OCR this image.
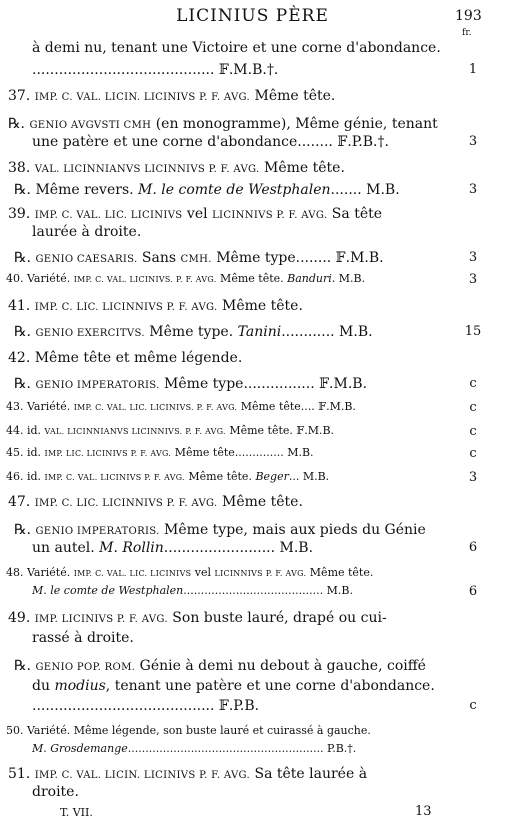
LICINIUS PÈRE	193
fr.
à demi nu, tenant une Victoire et une corne d'abondance.
......................................... 𝔽.M.B.†.	1
37. IMP. C. VAL. LICIN. LICINIVS P. F. AVG. Même tête.
℞. GENIO AVGVSTI CMH (en monogramme), Même génie, tenant
une patère et une corne d'abondance........ 𝔽.P.B.†.	3
38. VAL. LICINNIANVS LICINNIVS P. F. AVG. Même tête.
℞. Même revers. M. le comte de Westphalen....... M.B.	3
39. IMP. C. VAL. LIC. LICINIVS vel LICINNIVS P. F. AVG. Sa tête
laurée à droite.
℞. GENIO CAESARIS. Sans CMH. Même type........ 𝔽.M.B.	3
40. Variété. IMP. C. VAL. LICINIVS. P. F. AVG. Même tête. Banduri. M.B.	3
41. IMP. C. LIC. LICINNIVS P. F. AVG. Même tête.
℞. GENIO EXERCITVS. Même type. Tanini............ M.B.	15
42. Même tête et même légende.
℞. GENIO IMPERATORIS. Même type................ 𝔽.M.B.	c
43. Variété. IMP. C. VAL. LIC. LICINIVS. P. F. AVG. Même tête.... 𝔽.M.B.	c
44. id. VAL. LICINNIANVS LICINNIVS. P. F. AVG. Même tête. 𝔽.M.B.	c
45. id. IMP. LIC. LICINIVS P. F. AVG. Même tête.............. M.B.	c
46. id. IMP. C. VAL. LICINIVS P. F. AVG. Même tête. Beger... M.B.	3
47. IMP. C. LIC. LICINNIVS P. F. AVG. Même tête.
℞. GENIO IMPERATORIS. Même type, mais aux pieds du Génie
un autel. M. Rollin......................... M.B.	6
48. Variété. IMP. C. VAL. LIC. LICINIVS vel LICINNIVS P. F. AVG. Même tête.
M. le comte de Westphalen........................................ M.B.	6
49. IMP. LICINIVS P. F. AVG. Son buste lauré, drapé ou cui-
rassé à droite.
℞. GENIO POP. ROM. Génie à demi nu debout à gauche, coiffé
du modius, tenant une patère et une corne d'abondance.
......................................... 𝔽.P.B.	c
50. Variété. Même légende, son buste lauré et cuirassé à gauche.
M. Grosdemange........................................................ P.B.†.
51. IMP. C. VAL. LICIN. LICINIVS P. F. AVG. Sa tête laurée à
droite.
T. VII.	13
